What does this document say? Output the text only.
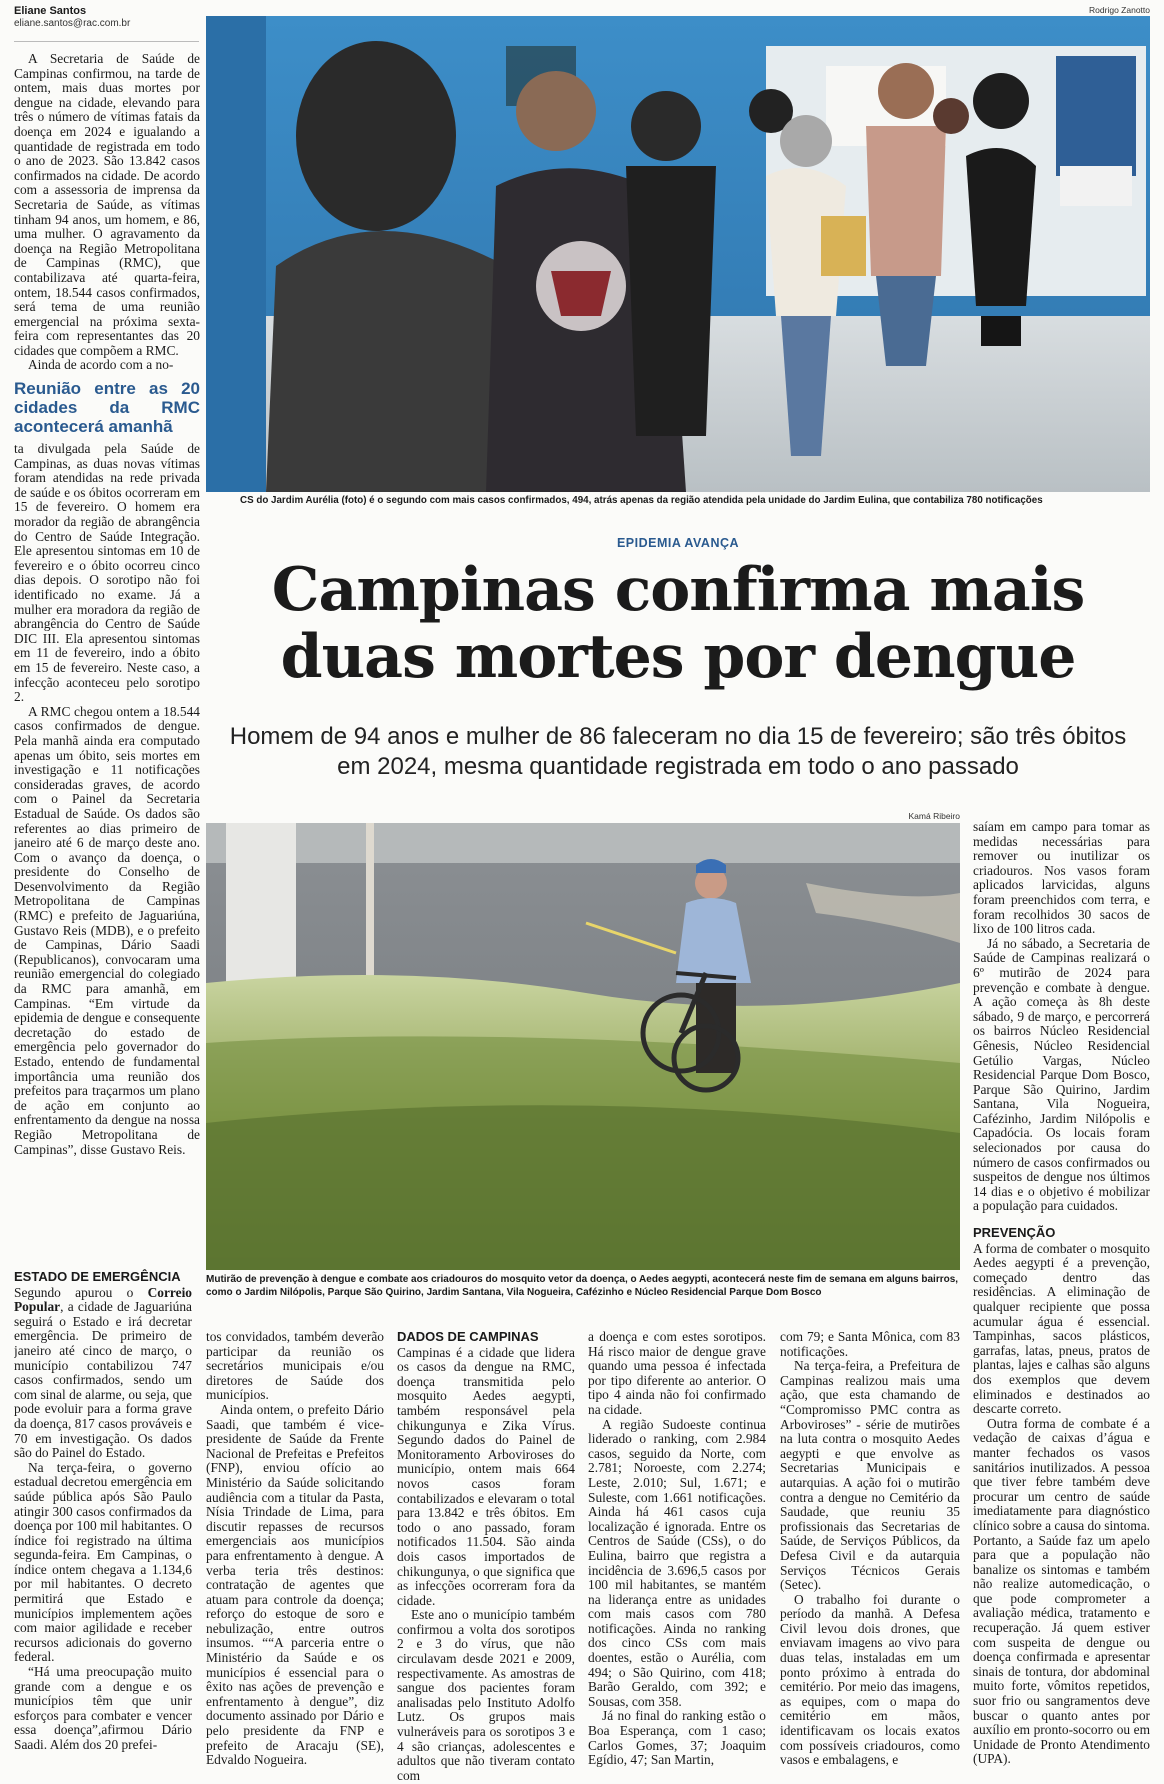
Eliane Santos
eliane.santos@rac.com.br

A Secretaria de Saúde de Campinas confirmou, na tarde de ontem, mais duas mortes por dengue na cidade, elevando para três o número de vítimas fatais da doença em 2024 e igualando a quantidade de registrada em todo o ano de 2023. São 13.842 casos confirmados na cidade. De acordo com a assessoria de imprensa da Secretaria de Saúde, as vítimas tinham 94 anos, um homem, e 86, uma mulher. O agravamento da doença na Região Metropolitana de Campinas (RMC), que contabilizava até quarta-feira, ontem, 18.544 casos confirmados, será tema de uma reunião emergencial na próxima sexta-feira com representantes das 20 cidades que compõem a RMC.

Ainda de acordo com a no-

Reunião entre as 20 cidades da RMC acontecerá amanhã

ta divulgada pela Saúde de Campinas, as duas novas vítimas foram atendidas na rede privada de saúde e os óbitos ocorreram em 15 de fevereiro. O homem era morador da região de abrangência do Centro de Saúde Integração. Ele apresentou sintomas em 10 de fevereiro e o óbito ocorreu cinco dias depois. O sorotipo não foi identificado no exame. Já a mulher era moradora da região de abrangência do Centro de Saúde DIC III. Ela apresentou sintomas em 11 de fevereiro, indo a óbito em 15 de fevereiro. Neste caso, a infecção aconteceu pelo sorotipo 2.

A RMC chegou ontem a 18.544 casos confirmados de dengue. Pela manhã ainda era computado apenas um óbito, seis mortes em investigação e 11 notificações consideradas graves, de acordo com o Painel da Secretaria Estadual de Saúde. Os dados são referentes ao dias primeiro de janeiro até 6 de março deste ano. Com o avanço da doença, o presidente do Conselho de Desenvolvimento da Região Metropolitana de Campinas (RMC) e prefeito de Jaguariúna, Gustavo Reis (MDB), e o prefeito de Campinas, Dário Saadi (Republicanos), convocaram uma reunião emergencial do colegiado da RMC para amanhã, em Campinas. “Em virtude da epidemia de dengue e consequente decretação do estado de emergência pelo governador do Estado, entendo de fundamental importância uma reunião dos prefeitos para traçarmos um plano de ação em conjunto ao enfrentamento da dengue na nossa Região Metropolitana de Campinas”, disse Gustavo Reis.

Rodrigo Zanotto
CS do Jardim Aurélia (foto) é o segundo com mais casos confirmados, 494, atrás apenas da região atendida pela unidade do Jardim Eulina, que contabiliza 780 notificações
EPIDEMIA AVANÇA
Campinas confirma mais duas mortes por dengue
Homem de 94 anos e mulher de 86 faleceram no dia 15 de fevereiro; são três óbitos em 2024, mesma quantidade registrada em todo o ano passado
Kamá Ribeiro
Mutirão de prevenção à dengue e combate aos criadouros do mosquito vetor da doença, o Aedes aegypti, acontecerá neste fim de semana em alguns bairros, como o Jardim Nilópolis, Parque São Quirino, Jardim Santana, Vila Nogueira, Cafézinho e Núcleo Residencial Parque Dom Bosco

saíam em campo para tomar as medidas necessárias para remover ou inutilizar os criadouros. Nos vasos foram aplicados larvicidas, alguns foram preenchidos com terra, e foram recolhidos 30 sacos de lixo de 100 litros cada.

Já no sábado, a Secretaria de Saúde de Campinas realizará o 6º mutirão de 2024 para prevenção e combate à dengue. A ação começa às 8h deste sábado, 9 de março, e percorrerá os bairros Núcleo Residencial Gênesis, Núcleo Residencial Getúlio Vargas, Núcleo Residencial Parque Dom Bosco, Parque São Quirino, Jardim Santana, Vila Nogueira, Cafézinho, Jardim Nilópolis e Capadócia. Os locais foram selecionados por causa do número de casos confirmados ou suspeitos de dengue nos últimos 14 dias e o objetivo é mobilizar a população para cuidados.

PREVENÇÃO

A forma de combater o mosquito Aedes aegypti é a prevenção, começado dentro das residências. A eliminação de qualquer recipiente que possa acumular água é essencial. Tampinhas, sacos plásticos, garrafas, latas, pneus, pratos de plantas, lajes e calhas são alguns dos exemplos que devem eliminados e destinados ao descarte correto.

Outra forma de combate é a vedação de caixas d’água e manter fechados os vasos sanitários inutilizados. A pessoa que tiver febre também deve procurar um centro de saúde imediatamente para diagnóstico clínico sobre a causa do sintoma. Portanto, a Saúde faz um apelo para que a população não banalize os sintomas e também não realize automedicação, o que pode comprometer a avaliação médica, tratamento e recuperação. Já quem estiver com suspeita de dengue ou doença confirmada e apresentar sinais de tontura, dor abdominal muito forte, vômitos repetidos, suor frio ou sangramentos deve buscar o quanto antes por auxílio em pronto-socorro ou em Unidade de Pronto Atendimento (UPA).

ESTADO DE EMERGÊNCIA

Segundo apurou o Correio Popular, a cidade de Jaguariúna seguirá o Estado e irá decretar emergência. De primeiro de janeiro até cinco de março, o município contabilizou 747 casos confirmados, sendo um com sinal de alarme, ou seja, que pode evoluir para a forma grave da doença, 817 casos prováveis e 70 em investigação. Os dados são do Painel do Estado.

Na terça-feira, o governo estadual decretou emergência em saúde pública após São Paulo atingir 300 casos confirmados da doença por 100 mil habitantes. O índice foi registrado na última segunda-feira. Em Campinas, o índice ontem chegava a 1.134,6 por mil habitantes. O decreto permitirá que Estado e municípios implementem ações com maior agilidade e receber recursos adicionais do governo federal.

“Há uma preocupação muito grande com a dengue e os municípios têm que unir esforços para combater e vencer essa doença”,afirmou Dário Saadi. Além dos 20 prefei-

tos convidados, também deverão participar da reunião os secretários municipais e/ou diretores de Saúde dos municípios.

Ainda ontem, o prefeito Dário Saadi, que também é vice-presidente de Saúde da Frente Nacional de Prefeitas e Prefeitos (FNP), enviou ofício ao Ministério da Saúde solicitando audiência com a titular da Pasta, Nísia Trindade de Lima, para discutir repasses de recursos emergenciais aos municípios para enfrentamento à dengue. A verba teria três destinos: contratação de agentes que atuam para controle da doença; reforço do estoque de soro e nebulização, entre outros insumos. ““A parceria entre o Ministério da Saúde e os municípios é essencial para o êxito nas ações de prevenção e enfrentamento à dengue”, diz documento assinado por Dário e pelo presidente da FNP e prefeito de Aracaju (SE), Edvaldo Nogueira.

DADOS DE CAMPINAS

Campinas é a cidade que lidera os casos da dengue na RMC, doença transmitida pelo mosquito Aedes aegypti, também responsável pela chikungunya e Zika Vírus. Segundo dados do Painel de Monitoramento Arboviroses do município, ontem mais 664 novos casos foram contabilizados e elevaram o total para 13.842 e três óbitos. Em todo o ano passado, foram notificados 11.504. São ainda dois casos importados de chikungunya, o que significa que as infecções ocorreram fora da cidade.

Este ano o município também confirmou a volta dos sorotipos 2 e 3 do vírus, que não circulavam desde 2021 e 2009, respectivamente. As amostras de sangue dos pacientes foram analisadas pelo Instituto Adolfo Lutz. Os grupos mais vulneráveis para os sorotipos 3 e 4 são crianças, adolescentes e adultos que não tiveram contato com

a doença e com estes sorotipos. Há risco maior de dengue grave quando uma pessoa é infectada por tipo diferente ao anterior. O tipo 4 ainda não foi confirmado na cidade.

A região Sudoeste continua liderado o ranking, com 2.984 casos, seguido da Norte, com 2.781; Noroeste, com 2.274; Leste, 2.010; Sul, 1.671; e Suleste, com 1.661 notificações. Ainda há 461 casos cuja localização é ignorada. Entre os Centros de Saúde (CSs), o do Eulina, bairro que registra a incidência de 3.696,5 casos por 100 mil habitantes, se mantém na liderança entre as unidades com mais casos com 780 notificações. Ainda no ranking dos cinco CSs com mais doentes, estão o Aurélia, com 494; o São Quirino, com 418; Barão Geraldo, com 392; e Sousas, com 358.

Já no final do ranking estão o Boa Esperança, com 1 caso; Carlos Gomes, 37; Joaquim Egídio, 47; San Martin,

com 79; e Santa Mônica, com 83 notificações.

Na terça-feira, a Prefeitura de Campinas realizou mais uma ação, que esta chamando de “Compromisso PMC contra as Arboviroses” - série de mutirões na luta contra o mosquito Aedes aegypti e que envolve as Secretarias Municipais e autarquias. A ação foi o mutirão contra a dengue no Cemitério da Saudade, que reuniu 35 profissionais das Secretarias de Saúde, de Serviços Públicos, da Defesa Civil e da autarquia Serviços Técnicos Gerais (Setec).

O trabalho foi durante o período da manhã. A Defesa Civil levou dois drones, que enviavam imagens ao vivo para duas telas, instaladas em um ponto próximo à entrada do cemitério. Por meio das imagens, as equipes, com o mapa do cemitério em mãos, identificavam os locais exatos com possíveis criadouros, como vasos e embalagens, e
